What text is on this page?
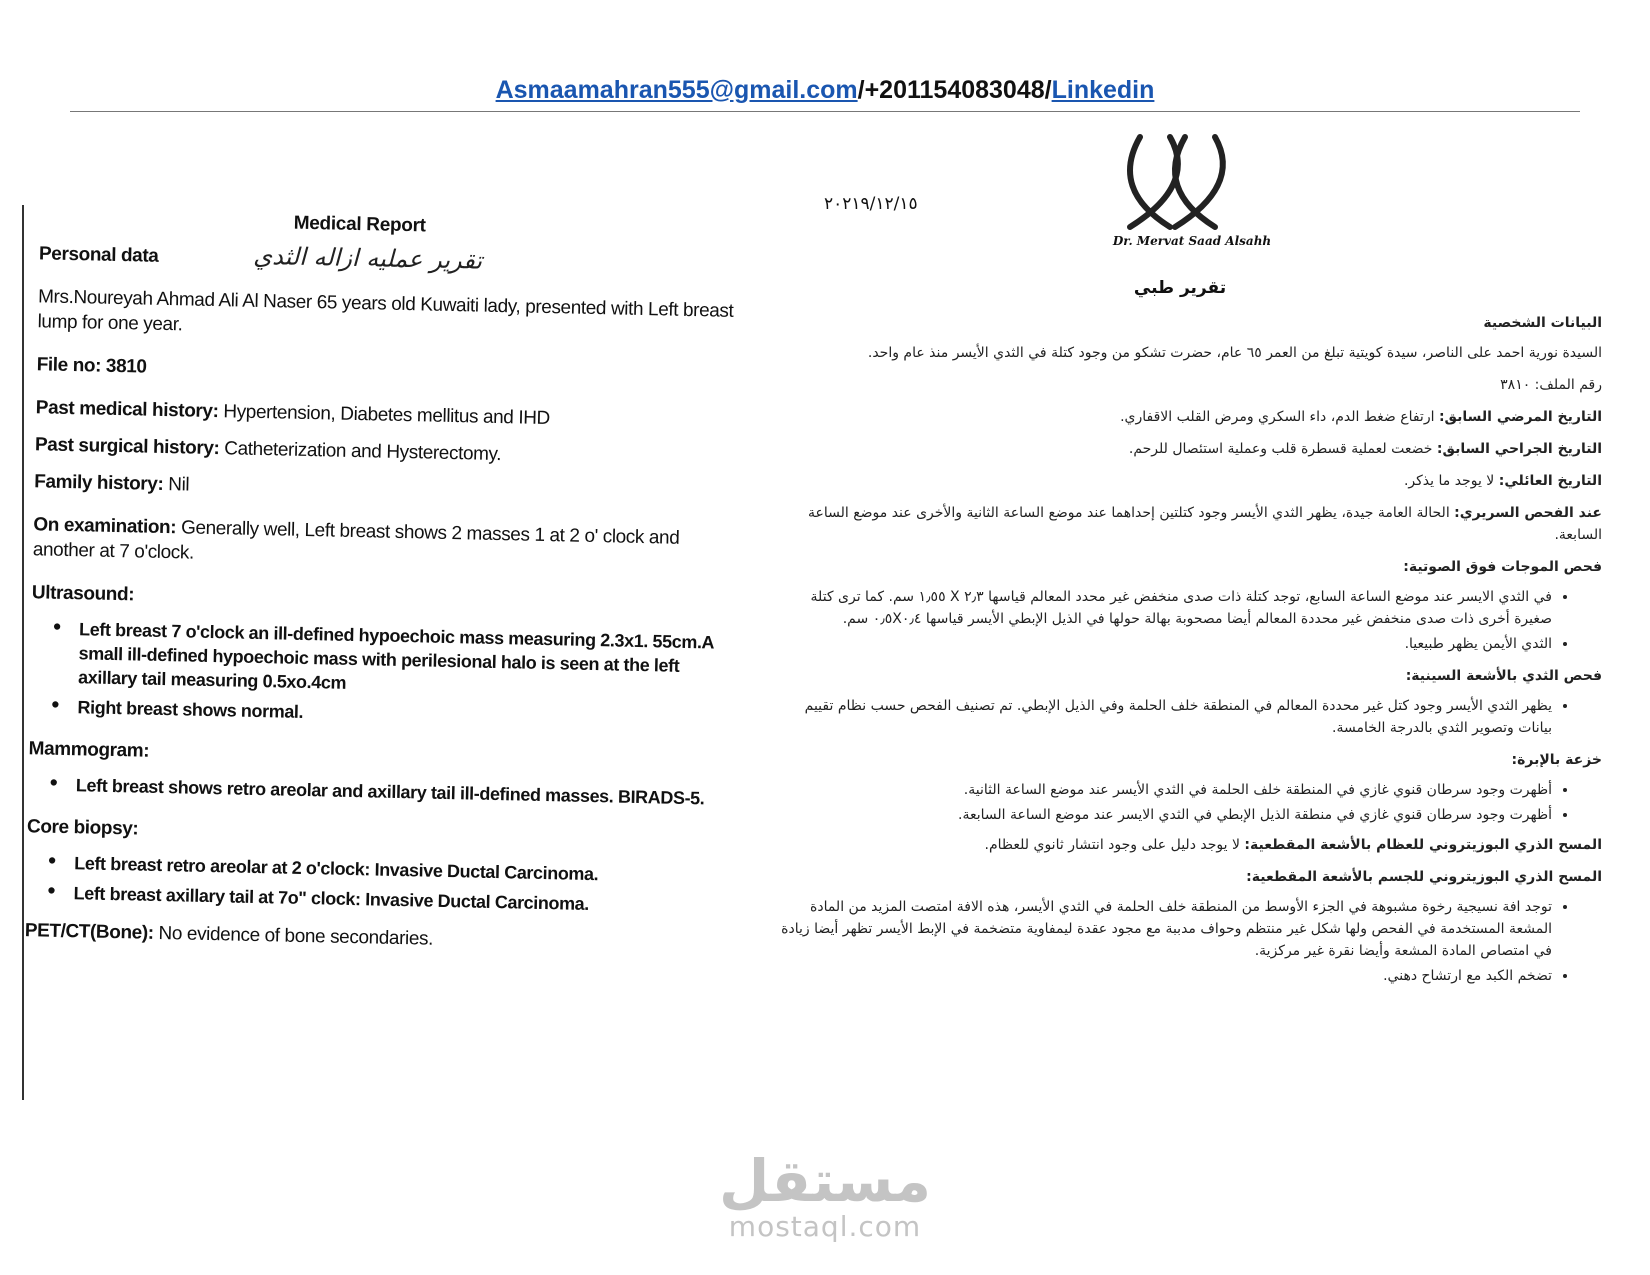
Asmaamahran555@gmail.com/+201154083048/Linkedin
Medical Report
Personal data	تقرير عمليه ازاله الثدي
Mrs.Noureyah Ahmad Ali Al Naser 65 years old Kuwaiti lady, presented with Left breast lump for one year.
File no: 3810
Past medical history: Hypertension, Diabetes mellitus and IHD
Past surgical history: Catheterization and Hysterectomy.
Family history: Nil
On examination: Generally well, Left breast shows 2 masses 1 at 2 o' clock and another at 7 o'clock.
Ultrasound:
• Left breast 7 o'clock an ill-defined hypoechoic mass measuring 2.3x1. 55cm.A small ill-defined hypoechoic mass with perilesional halo is seen at the left axillary tail measuring 0.5xo.4cm
• Right breast shows normal.
Mammogram:
• Left breast shows retro areolar and axillary tail ill-defined masses. BIRADS-5.
Core biopsy:
• Left breast retro areolar at 2 o'clock: Invasive Ductal Carcinoma.
• Left breast axillary tail at 7o" clock: Invasive Ductal Carcinoma.
PET/CT(Bone): No evidence of bone secondaries.
Dr. Mervat Saad Alsahh
٢٠٢١٩/١٢/١٥
تقرير طبي

البيانات الشخصية

السيدة نورية احمد على الناصر، سيدة كويتية تبلغ من العمر ٦٥ عام، حضرت تشكو من وجود كتلة في الثدي الأيسر منذ عام واحد.

رقم الملف: ٣٨١٠

التاريخ المرضي السابق: ارتفاع ضغط الدم، داء السكري ومرض القلب الاقفاري.

التاريخ الجراحي السابق: خضعت لعملية قسطرة قلب وعملية استئصال للرحم.

التاريخ العائلي: لا يوجد ما يذكر.

عند الفحص السريري: الحالة العامة جيدة، يظهر الثدي الأيسر وجود كتلتين إحداهما عند موضع الساعة الثانية والأخرى عند موضع الساعة السابعة.

فحص الموجات فوق الصوتية:

• في الثدي الايسر عند موضع الساعة السابع، توجد كتلة ذات صدى منخفض غير محدد المعالم قياسها ٢٫٣ X ١٫٥٥ سم. كما ترى كتلة صغيرة أخرى ذات صدى منخفض غير محددة المعالم أيضا مصحوبة بهالة حولها في الذيل الإبطي الأيسر قياسها ٠٫٥X٠٫٤ سم.
• الثدي الأيمن يظهر طبيعيا.

فحص الثدي بالأشعة السينية:

• يظهر الثدي الأيسر وجود كتل غير محددة المعالم في المنطقة خلف الحلمة وفي الذيل الإبطي. تم تصنيف الفحص حسب نظام تقييم بيانات وتصوير الثدي بالدرجة الخامسة.

خزعة بالإبرة:

• أظهرت وجود سرطان قنوي غازي في المنطقة خلف الحلمة في الثدي الأيسر عند موضع الساعة الثانية.
• أظهرت وجود سرطان قنوي غازي في منطقة الذيل الإبطي في الثدي الايسر عند موضع الساعة السابعة.

المسح الذري البوزيتروني للعظام بالأشعة المقطعية: لا يوجد دليل على وجود انتشار ثانوي للعظام.

المسح الذري البوزيتروني للجسم بالأشعة المقطعية:

• توجد افة نسيجية رخوة مشبوهة في الجزء الأوسط من المنطقة خلف الحلمة في الثدي الأيسر، هذه الافة امتصت المزيد من المادة المشعة المستخدمة في الفحص ولها شكل غير منتظم وحواف مدببة مع مجود عقدة ليمفاوية متضخمة في الإبط الأيسر تظهر أيضا زيادة في امتصاص المادة المشعة وأيضا نقرة غير مركزية.
• تضخم الكبد مع ارتشاح دهني.
مستقل
mostaql.com
